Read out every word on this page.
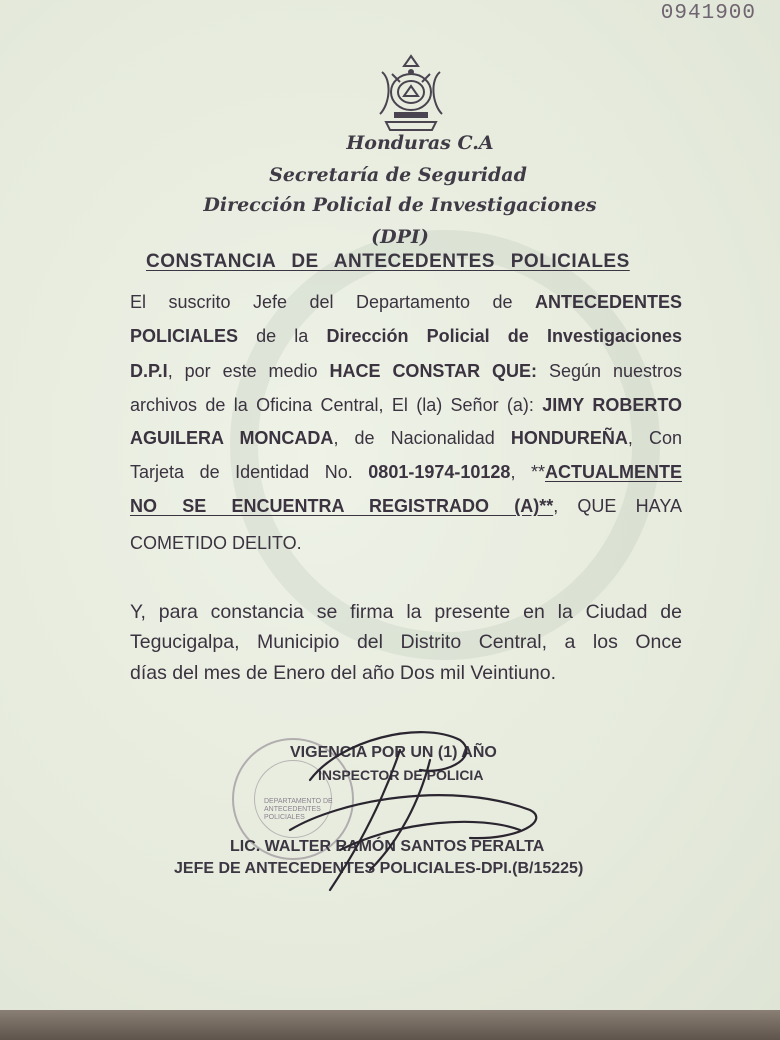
0941900
Honduras C.A
Secretaría de Seguridad
Dirección Policial de Investigaciones
(DPI)
CONSTANCIA DE ANTECEDENTES POLICIALES
El suscrito Jefe del Departamento de ANTECEDENTES
POLICIALES de la Dirección Policial de Investigaciones
D.P.I, por este medio HACE CONSTAR QUE: Según nuestros
archivos de la Oficina Central, El (la) Señor (a): JIMY ROBERTO
AGUILERA MONCADA, de Nacionalidad HONDUREÑA, Con
Tarjeta de Identidad No. 0801-1974-10128, **ACTUALMENTE
NO SE ENCUENTRA REGISTRADO (A)**, QUE HAYA
COMETIDO DELITO.
Y, para constancia se firma la presente en la Ciudad de
Tegucigalpa, Municipio del Distrito Central, a los Once
días del mes de Enero del año Dos mil Veintiuno.
DEPARTAMENTO DE ANTECEDENTES POLICIALES
VIGENCIA POR UN (1) AÑO
INSPECTOR DE POLICIA
LIC. WALTER RAMÓN SANTOS PERALTA
JEFE DE ANTECEDENTES POLICIALES-DPI.(B/15225)
